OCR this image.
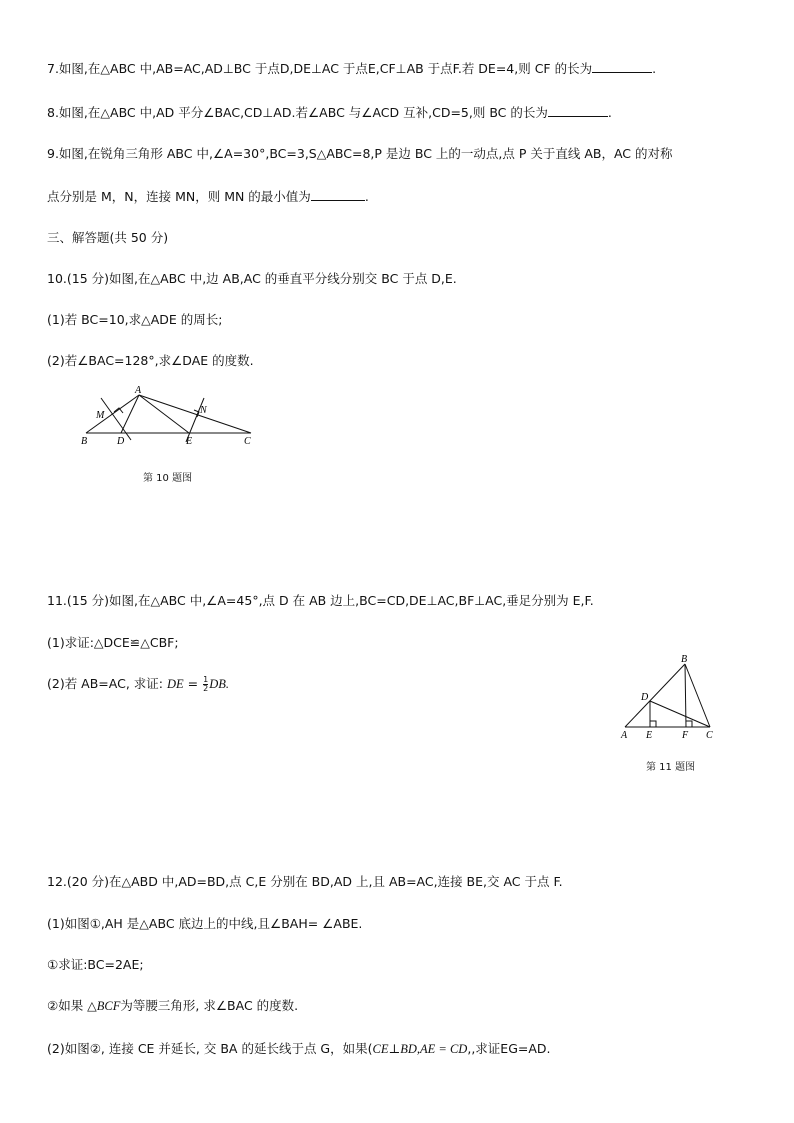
7.如图,在△ABC 中,AB=AC,AD⊥BC 于点D,DE⊥AC 于点E,CF⊥AB 于点F.若 DE=4,则 CF 的长为	.
8.如图,在△ABC 中,AD 平分∠BAC,CD⊥AD.若∠ABC 与∠ACD 互补,CD=5,则 BC 的长为	.
9.如图,在锐角三角形 ABC 中,∠A=30°,BC=3,S△ABC=8,P 是边 BC 上的一动点,点 P 关于直线 AB，AC 的对称
点分别是 M，N，连接 MN，则 MN 的最小值为	.
三、解答题(共 50 分)
10.(15 分)如图,在△ABC 中,边 AB,AC 的垂直平分线分别交 BC 于点 D,E.
(1)若 BC=10,求△ADE 的周长;
(2)若∠BAC=128°,求∠DAE 的度数.
A
B	C
D	E
M	N
第 10 题图
11.(15 分)如图,在△ABC 中,∠A=45°,点 D 在 AB 边上,BC=CD,DE⊥AC,BF⊥AC,垂足分别为 E,F.
(1)求证:△DCE≌△CBF;
(2)若 AB=AC, 求证: DE = $\frac{1}{2}$ DB.
B
D
A E	F C
第 11 题图
12.(20 分)在△ABD 中,AD=BD,点 C,E 分别在 BD,AD 上,且 AB=AC,连接 BE,交 AC 于点 F.
(1)如图①,AH 是△ABC 底边上的中线,且∠BAH= ∠ABE.
①求证:BC=2AE;
②如果 △BCF为等腰三角形, 求∠BAC 的度数.
(2)如图②, 连接 CE 并延长, 交 BA 的延长线于点 G，如果(CE⊥BD,AE = CD,,求证EG=AD.
